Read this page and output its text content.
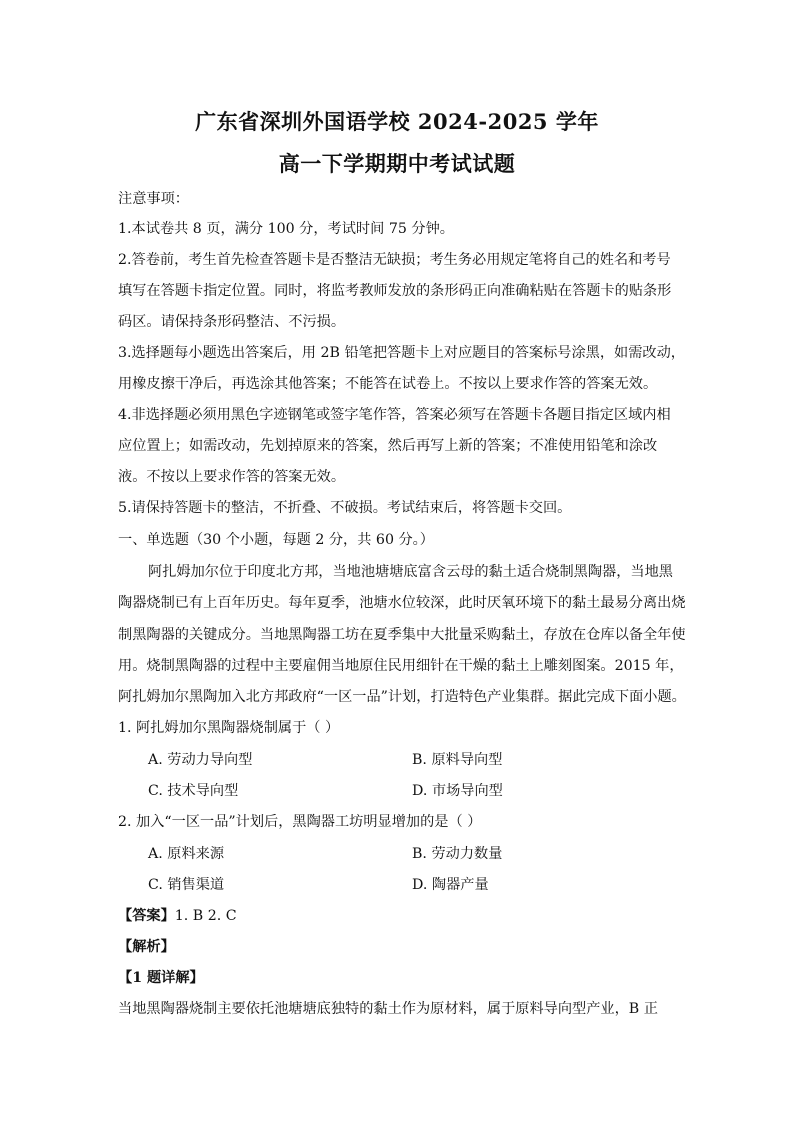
广东省深圳外国语学校 2024-2025 学年
高一下学期期中考试试题
注意事项：
1.本试卷共 8 页，满分 100 分，考试时间 75 分钟。
2.答卷前，考生首先检查答题卡是否整洁无缺损；考生务必用规定笔将自己的姓名和考号
填写在答题卡指定位置。同时，将监考教师发放的条形码正向准确粘贴在答题卡的贴条形
码区。请保持条形码整洁、不污损。
3.选择题每小题选出答案后，用 2B 铅笔把答题卡上对应题目的答案标号涂黑，如需改动，
用橡皮擦干净后，再选涂其他答案；不能答在试卷上。不按以上要求作答的答案无效。
4.非选择题必须用黑色字迹钢笔或签字笔作答，答案必须写在答题卡各题目指定区域内相
应位置上；如需改动，先划掉原来的答案，然后再写上新的答案；不准使用铅笔和涂改
液。不按以上要求作答的答案无效。
5.请保持答题卡的整洁，不折叠、不破损。考试结束后，将答题卡交回。
一、单选题（30 个小题，每题 2 分，共 60 分。）
阿扎姆加尔位于印度北方邦，当地池塘塘底富含云母的黏土适合烧制黑陶器，当地黑
陶器烧制已有上百年历史。每年夏季，池塘水位较深，此时厌氧环境下的黏土最易分离出烧
制黑陶器的关键成分。当地黑陶器工坊在夏季集中大批量采购黏土，存放在仓库以备全年使
用。烧制黑陶器的过程中主要雇佣当地原住民用细针在干燥的黏土上雕刻图案。2015 年，
阿扎姆加尔黑陶加入北方邦政府“一区一品”计划，打造特色产业集群。据此完成下面小题。
1. 阿扎姆加尔黑陶器烧制属于（ ）
A. 劳动力导向型	B. 原料导向型
C. 技术导向型	D. 市场导向型
2. 加入“一区一品”计划后，黑陶器工坊明显增加的是（ ）
A. 原料来源	B. 劳动力数量
C. 销售渠道	D. 陶器产量
【答案】1. B 2. C
【解析】
【1 题详解】
当地黑陶器烧制主要依托池塘塘底独特的黏土作为原材料，属于原料导向型产业，B 正
